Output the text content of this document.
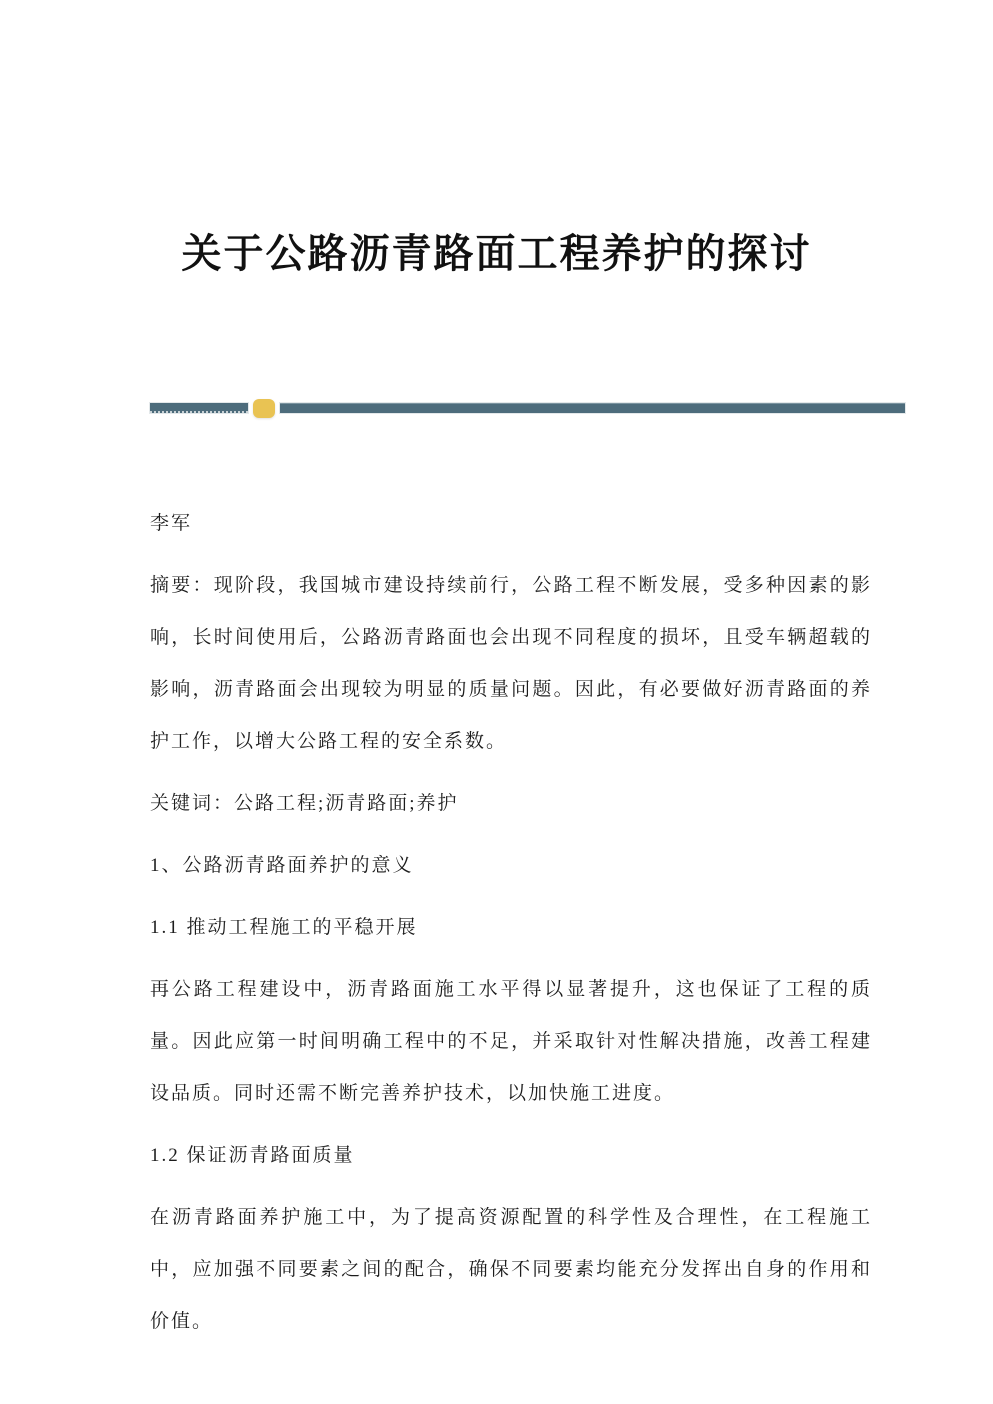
关于公路沥青路面工程养护的探讨

李军

摘要：现阶段，我国城市建设持续前行，公路工程不断发展，受多种因素的影响，长时间使用后，公路沥青路面也会出现不同程度的损坏，且受车辆超载的影响，沥青路面会出现较为明显的质量问题。因此，有必要做好沥青路面的养护工作，以增大公路工程的安全系数。

关键词：公路工程;沥青路面;养护

1、公路沥青路面养护的意义
1.1 推动工程施工的平稳开展

再公路工程建设中，沥青路面施工水平得以显著提升，这也保证了工程的质量。因此应第一时间明确工程中的不足，并采取针对性解决措施，改善工程建设品质。同时还需不断完善养护技术，以加快施工进度。

1.2 保证沥青路面质量

在沥青路面养护施工中，为了提高资源配置的科学性及合理性，在工程施工中，应加强不同要素之间的配合，确保不同要素均能充分发挥出自身的作用和价值。
